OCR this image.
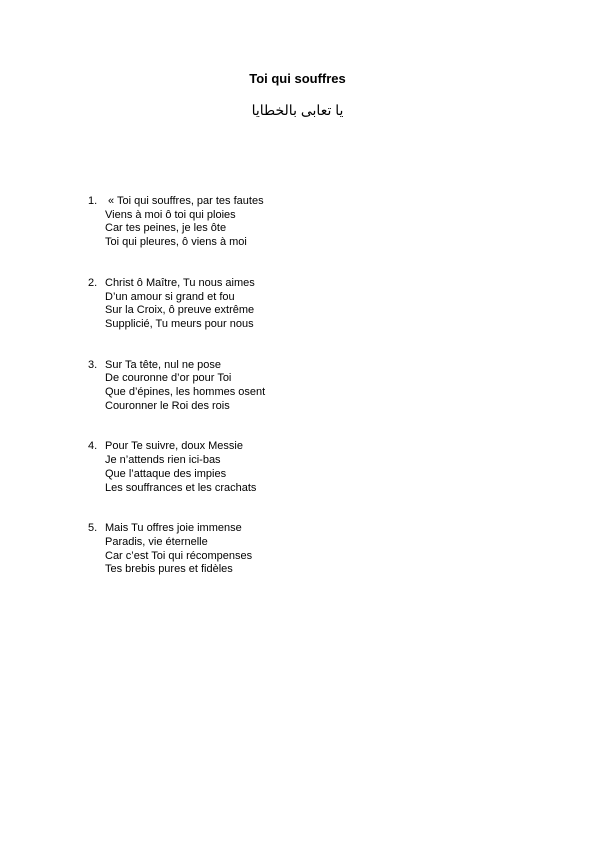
Toi qui souffres
يا تعابى بالخطايا
1. « Toi qui souffres, par tes fautes
Viens à moi ô toi qui ploies
Car tes peines, je les ôte
Toi qui pleures, ô viens à moi
2. Christ ô Maître, Tu nous aimes
D’un amour si grand et fou
Sur la Croix, ô preuve extrême
Supplicié, Tu meurs pour nous
3. Sur Ta tête, nul ne pose
De couronne d’or pour Toi
Que d’épines, les hommes osent
Couronner le Roi des rois
4. Pour Te suivre, doux Messie
Je n’attends rien ici-bas
Que l’attaque des impies
Les souffrances et les crachats
5. Mais Tu offres joie immense
Paradis, vie éternelle
Car c’est Toi qui récompenses
Tes brebis pures et fidèles
